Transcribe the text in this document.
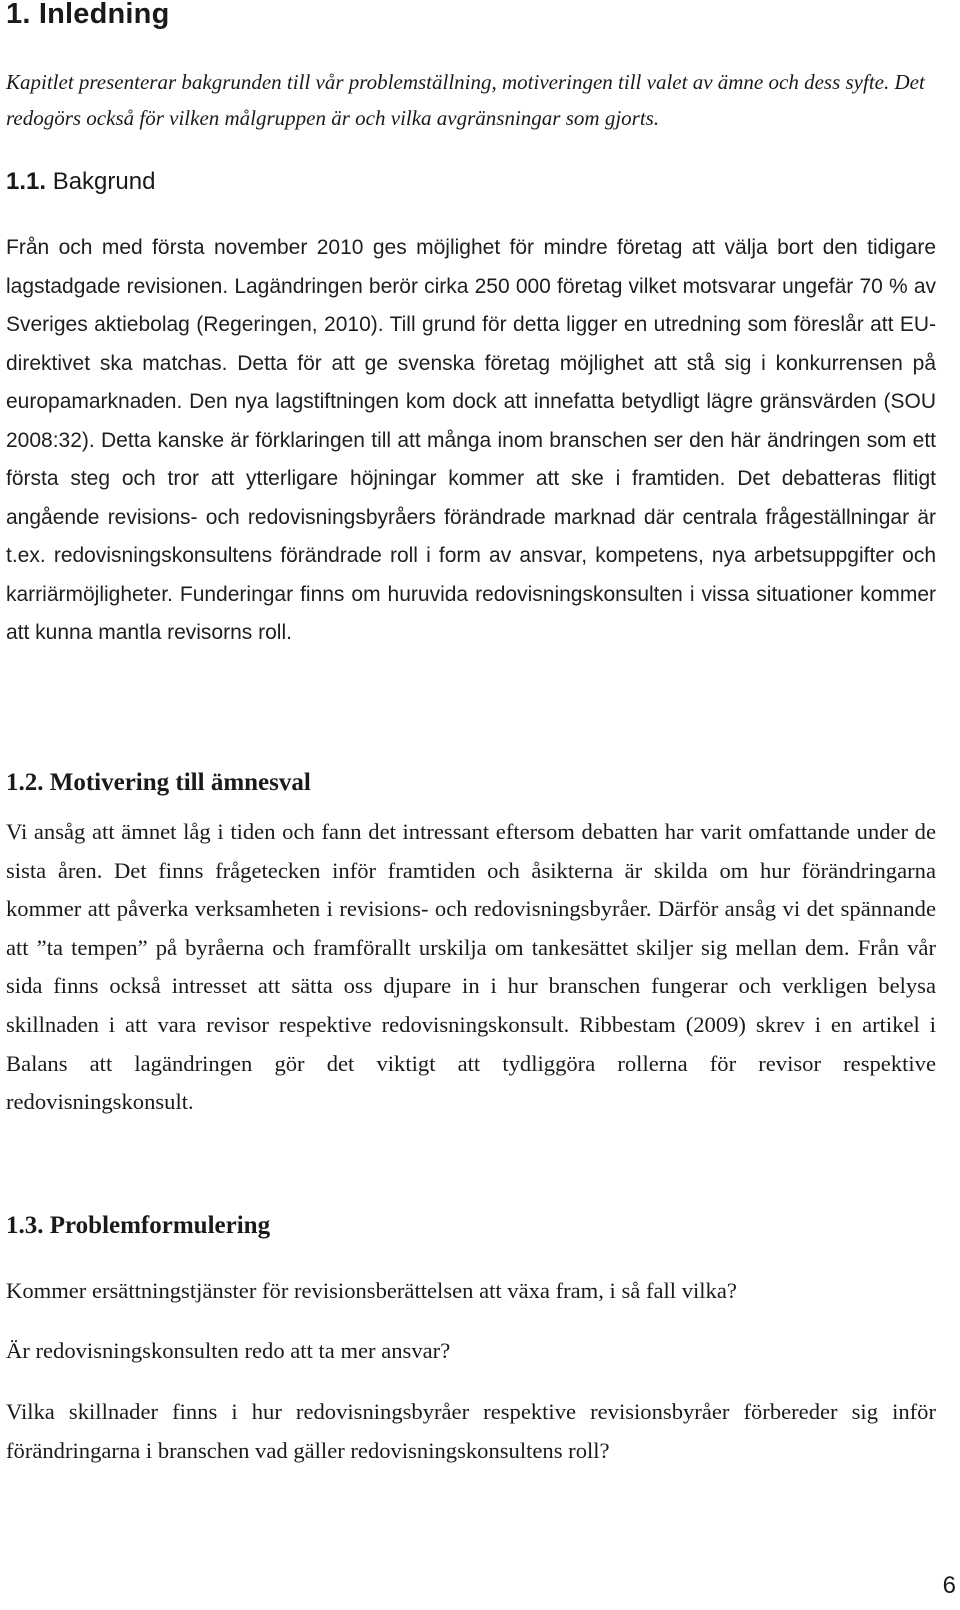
1. Inledning

Kapitlet presenterar bakgrunden till vår problemställning, motiveringen till valet av ämne och dess syfte. Det redogörs också för vilken målgruppen är och vilka avgränsningar som gjorts.

1.1. Bakgrund

Från och med första november 2010 ges möjlighet för mindre företag att välja bort den tidigare lagstadgade revisionen. Lagändringen berör cirka 250 000 företag vilket motsvarar ungefär 70 % av Sveriges aktiebolag (Regeringen, 2010). Till grund för detta ligger en utredning som föreslår att EU-direktivet ska matchas. Detta för att ge svenska företag möjlighet att stå sig i konkurrensen på europamarknaden. Den nya lagstiftningen kom dock att innefatta betydligt lägre gränsvärden (SOU 2008:32). Detta kanske är förklaringen till att många inom branschen ser den här ändringen som ett första steg och tror att ytterligare höjningar kommer att ske i framtiden. Det debatteras flitigt angående revisions- och redovisningsbyråers förändrade marknad där centrala frågeställningar är t.ex. redovisningskonsultens förändrade roll i form av ansvar, kompetens, nya arbetsuppgifter och karriärmöjligheter. Funderingar finns om huruvida redovisningskonsulten i vissa situationer kommer att kunna mantla revisorns roll.

1.2. Motivering till ämnesval

Vi ansåg att ämnet låg i tiden och fann det intressant eftersom debatten har varit omfattande under de sista åren. Det finns frågetecken inför framtiden och åsikterna är skilda om hur förändringarna kommer att påverka verksamheten i revisions- och redovisningsbyråer. Därför ansåg vi det spännande att ”ta tempen” på byråerna och framförallt urskilja om tankesättet skiljer sig mellan dem. Från vår sida finns också intresset att sätta oss djupare in i hur branschen fungerar och verkligen belysa skillnaden i att vara revisor respektive redovisningskonsult. Ribbestam (2009) skrev i en artikel i Balans att lagändringen gör det viktigt att tydliggöra rollerna för revisor respektive redovisningskonsult.

1.3. Problemformulering

Kommer ersättningstjänster för revisionsberättelsen att växa fram, i så fall vilka?

Är redovisningskonsulten redo att ta mer ansvar?

Vilka skillnader finns i hur redovisningsbyråer respektive revisionsbyråer förbereder sig inför förändringarna i branschen vad gäller redovisningskonsultens roll?

6
